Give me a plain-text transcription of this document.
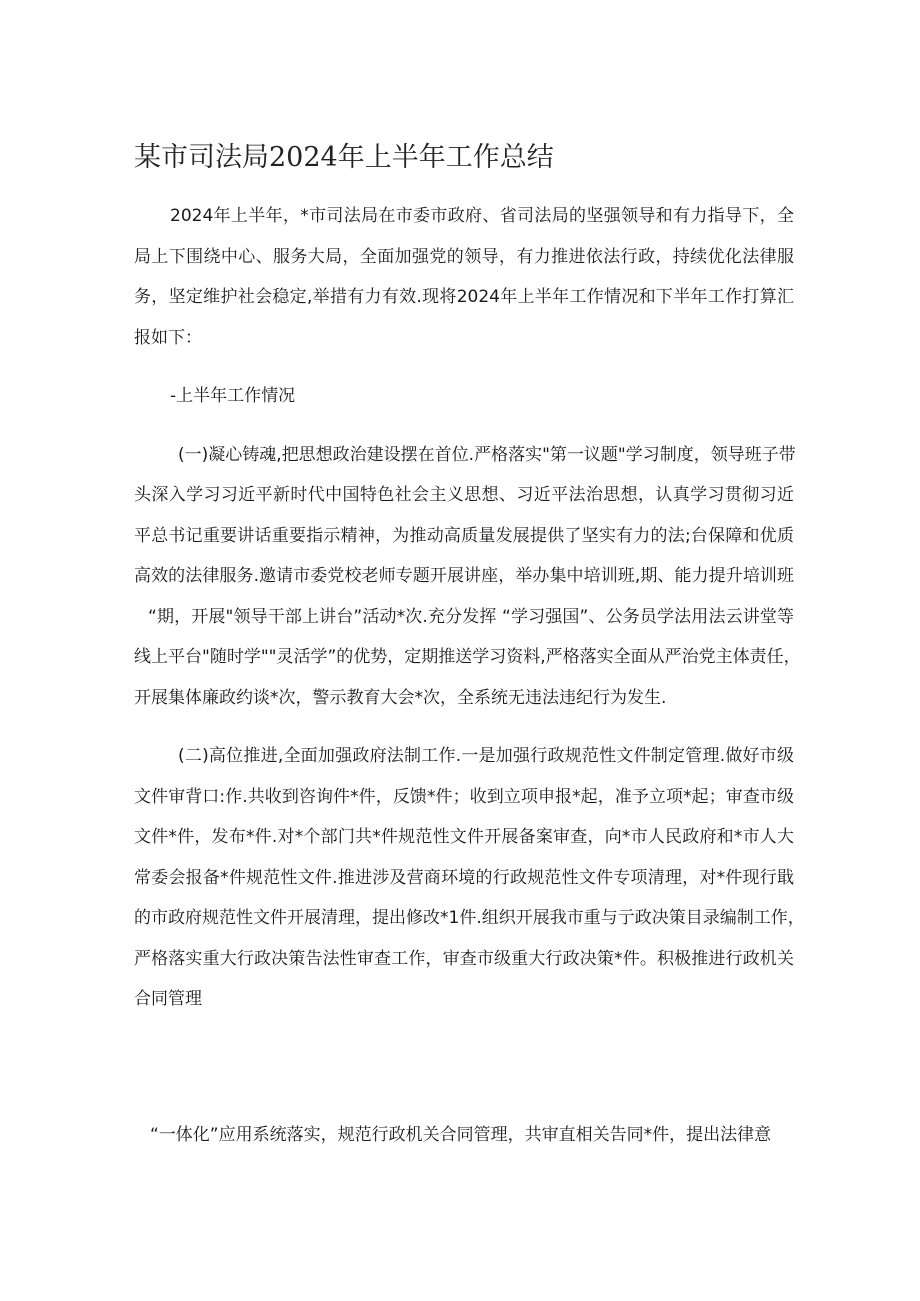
某市司法局2024年上半年工作总结

2024年上半年，*市司法局在市委市政府、省司法局的坚强领导和有力指导下，全
局上下围绕中心、服务大局，全面加强党的领导，有力推进依法行政，持续优化法律服
务，坚定维护社会稳定,举措有力有效.现将2024年上半年工作情况和下半年工作打算汇
报如下：

-上半年工作情况

(一)凝心铸魂,把思想政治建设摆在首位.严格落实"第一议题"学习制度，领导班子带
头深入学习习近平新时代中国特色社会主义思想、习近平法治思想，认真学习贯彻习近
平总书记重要讲话重要指示精神，为推动高质量发展提供了坚实有力的法;台保障和优质
高效的法律服务.邀请市委党校老师专题开展讲座，举办集中培训班,期、能力提升培训班
“期，开展"领导干部上讲台”活动*次.充分发挥 “学习强国”、公务员学法用法云讲堂等
线上平台"随时学""灵活学”的优势，定期推送学习资料,严格落实全面从严治党主体责任，
开展集体廉政约谈*次，警示教育大会*次，全系统无违法违纪行为发生.

(二)高位推进,全面加强政府法制工作.一是加强行政规范性文件制定管理.做好市级
文件审背口:作.共收到咨询件*件，反馈*件；收到立项申报*起，准予立项*起；审查市级
文件*件，发布*件.对*个部门共*件规范性文件开展备案审查，向*市人民政府和*市人大
常委会报备*件规范性文件.推进涉及营商环境的行政规范性文件专项清理，对*件现行戢
的市政府规范性文件开展清理，提出修改*1件.组织开展我市重与亍政决策目录编制工作，
严格落实重大行政决策告法性审查工作，审查市级重大行政决策*件。积极推进行政机关
合同管理

“一体化”应用系统落实，规范行政机关合同管理，共审直相关告同*件，提出法律意
